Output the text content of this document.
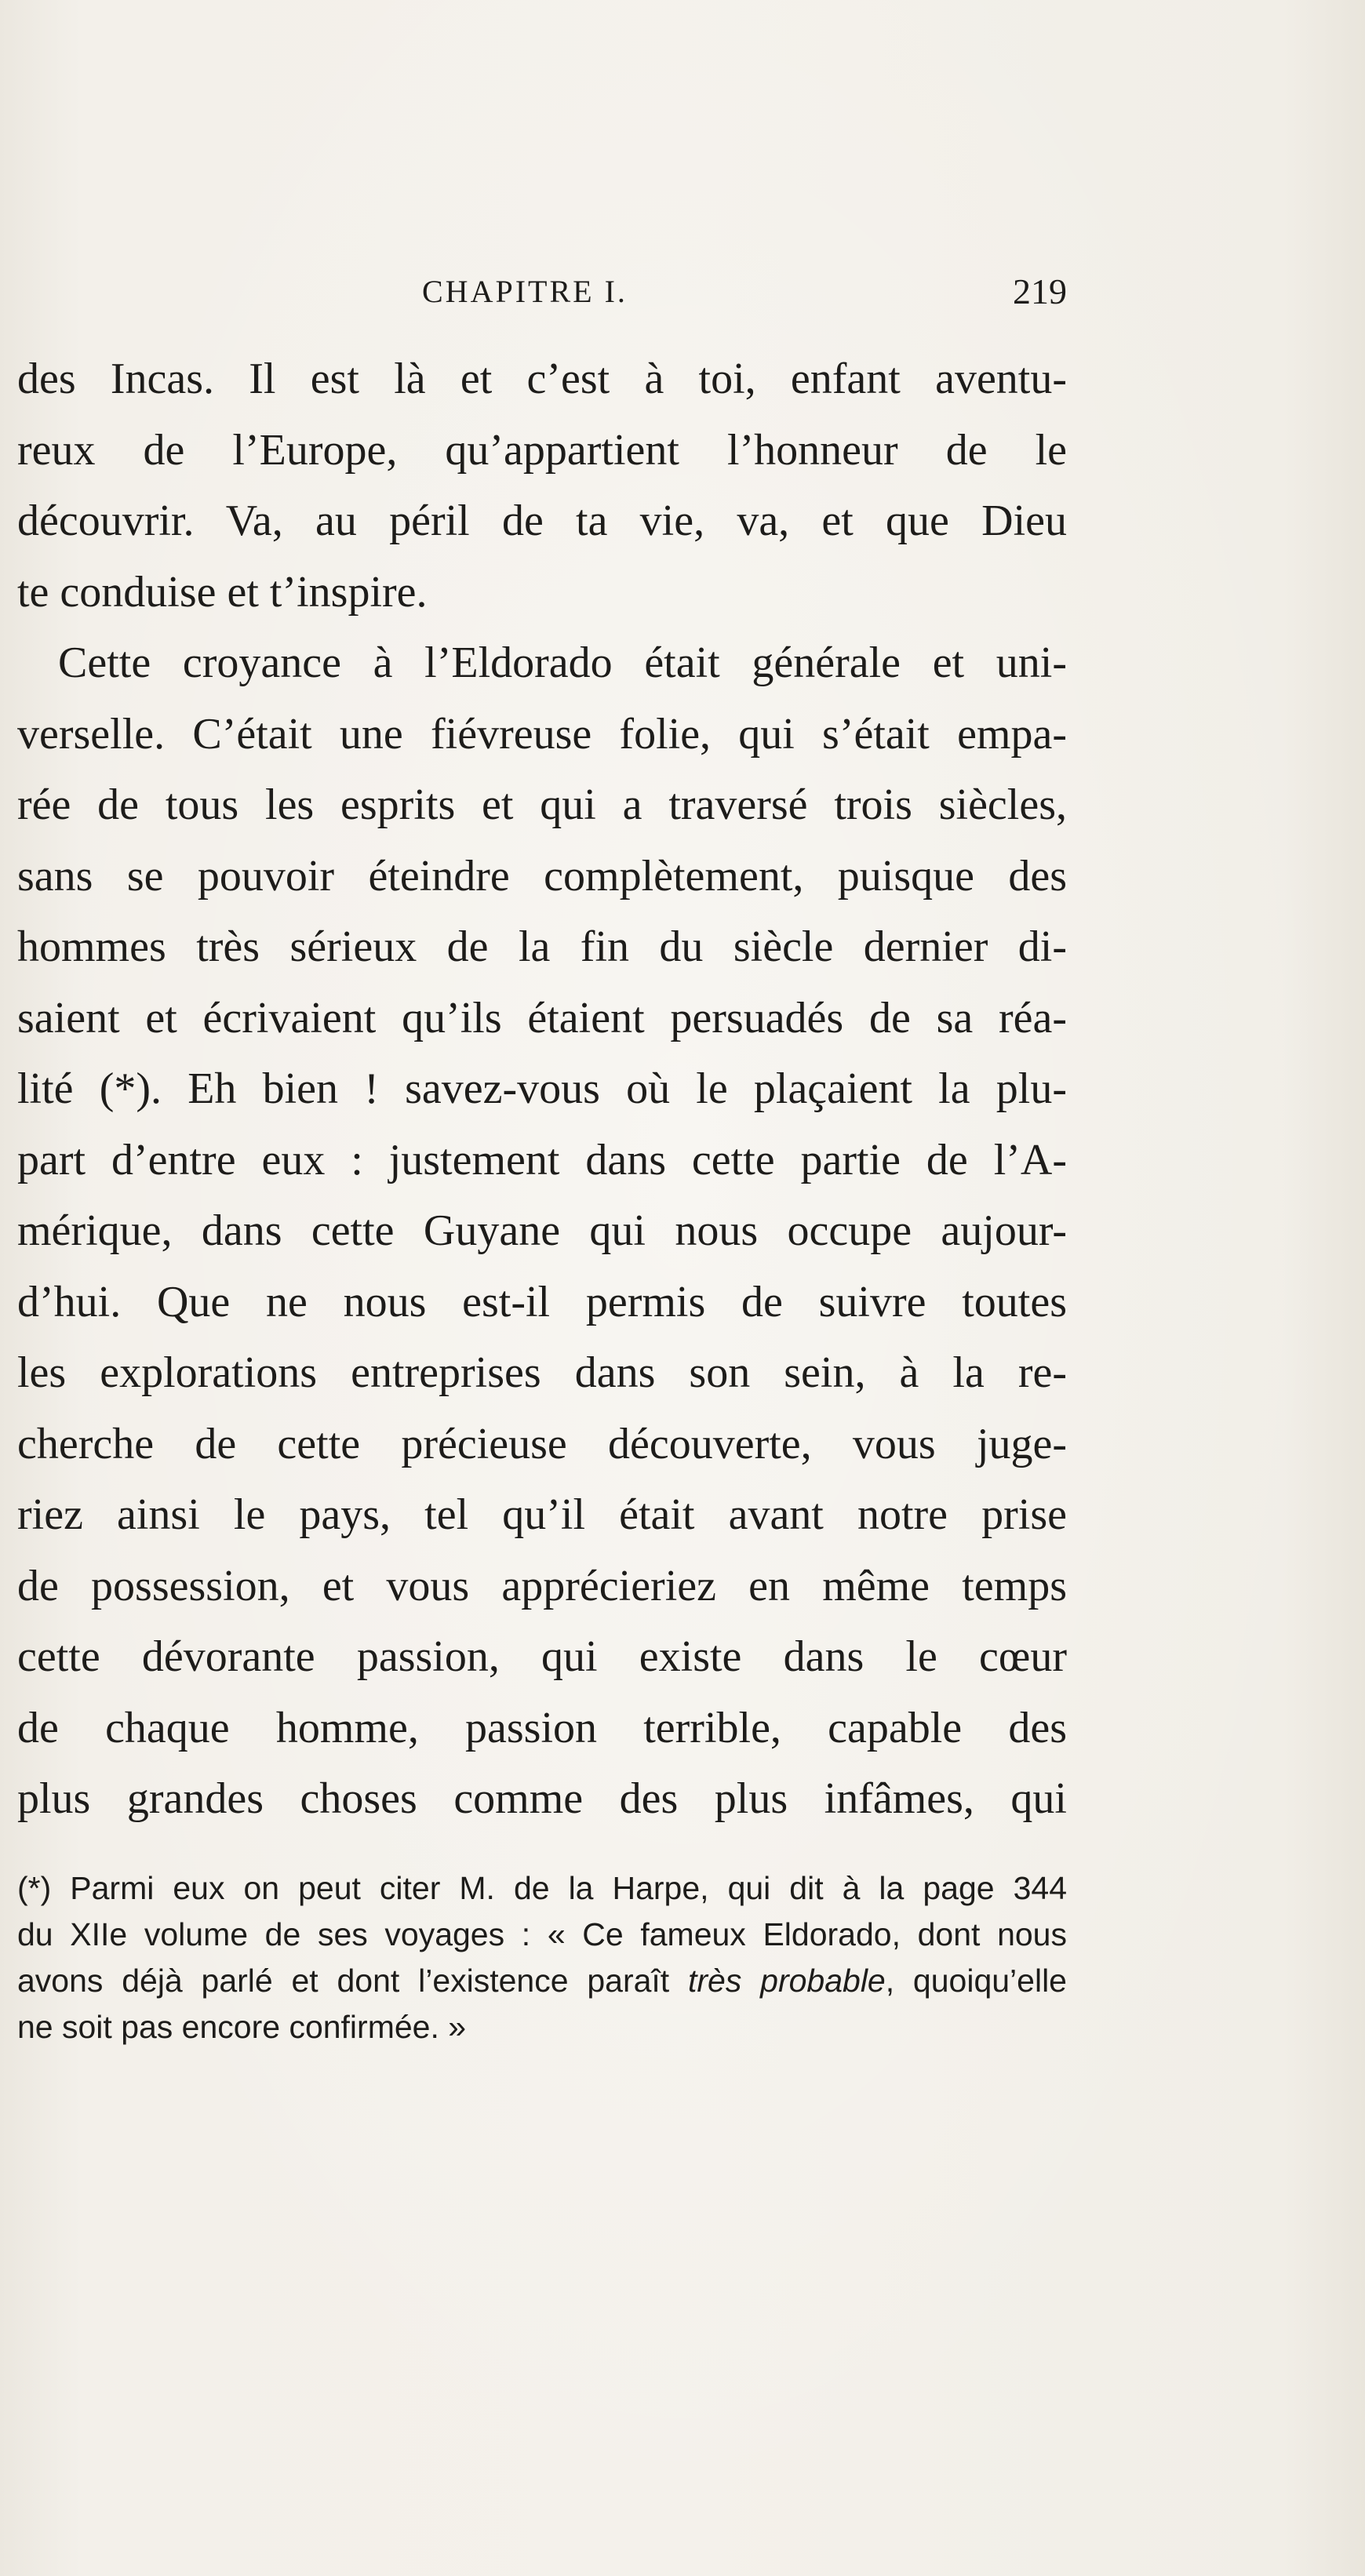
CHAPITRE I.	219
des Incas. Il est là et c’est à toi, enfant aventu-
reux de l’Europe, qu’appartient l’honneur de le
découvrir. Va, au péril de ta vie, va, et que Dieu
te conduise et t’inspire.
Cette croyance à l’Eldorado était générale et uni-
verselle. C’était une fiévreuse folie, qui s’était empa-
rée de tous les esprits et qui a traversé trois siècles,
sans se pouvoir éteindre complètement, puisque des
hommes très sérieux de la fin du siècle dernier di-
saient et écrivaient qu’ils étaient persuadés de sa réa-
lité (*). Eh bien ! savez-vous où le plaçaient la plu-
part d’entre eux : justement dans cette partie de l’A-
mérique, dans cette Guyane qui nous occupe aujour-
d’hui. Que ne nous est-il permis de suivre toutes
les explorations entreprises dans son sein, à la re-
cherche de cette précieuse découverte, vous juge-
riez ainsi le pays, tel qu’il était avant notre prise
de possession, et vous apprécieriez en même temps
cette dévorante passion, qui existe dans le cœur
de chaque homme, passion terrible, capable des
plus grandes choses comme des plus infâmes, qui
(*) Parmi eux on peut citer M. de la Harpe, qui dit à la page 344
du XIIe volume de ses voyages : « Ce fameux Eldorado, dont nous
avons déjà parlé et dont l’existence paraît très probable, quoiqu’elle
ne soit pas encore confirmée. »
